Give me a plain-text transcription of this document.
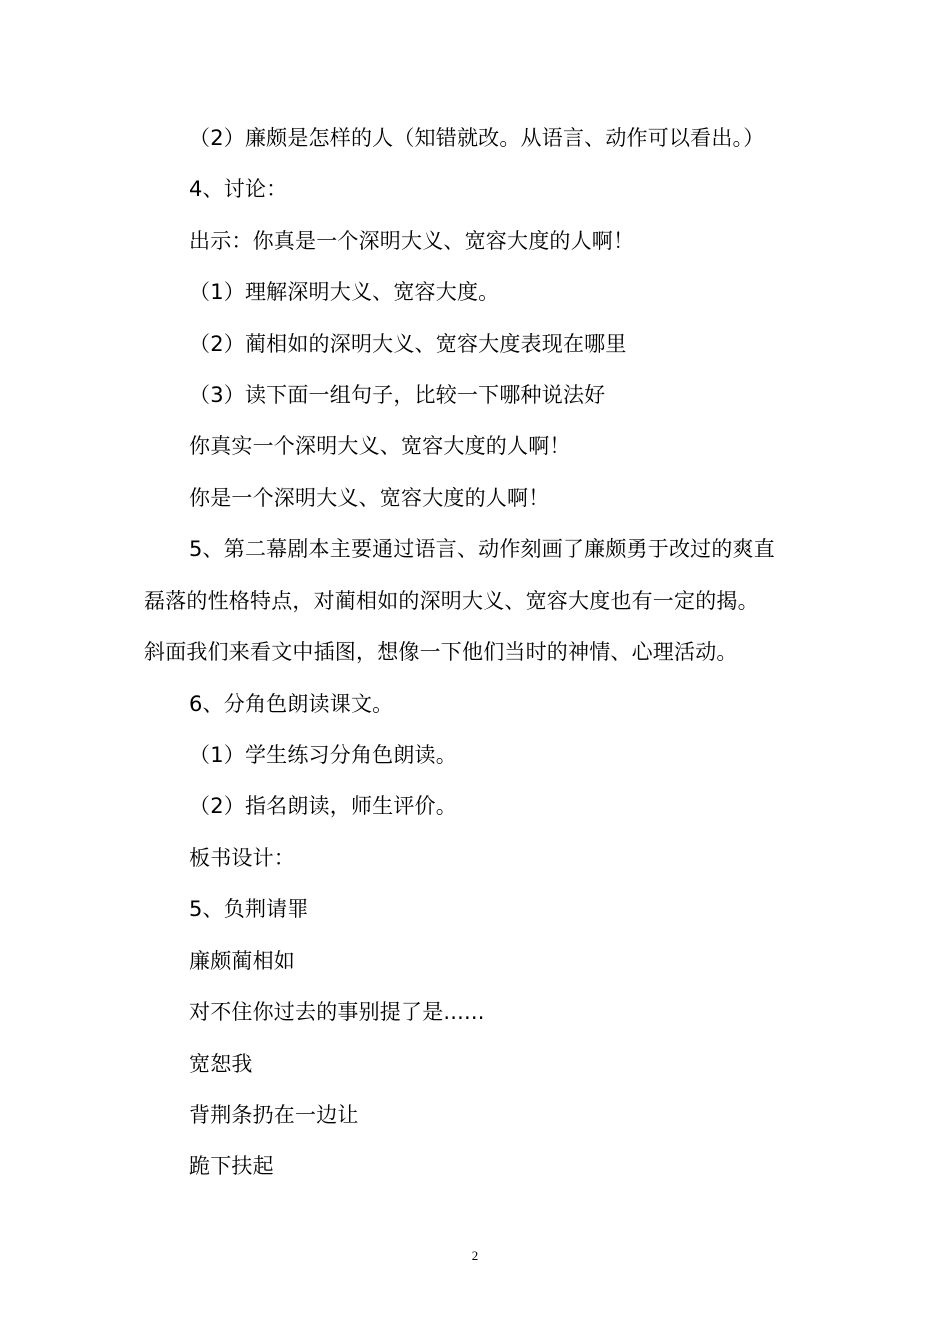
（2）廉颇是怎样的人（知错就改。从语言、动作可以看出。）
4、讨论：
出示：你真是一个深明大义、宽容大度的人啊！
（1）理解深明大义、宽容大度。
（2）蔺相如的深明大义、宽容大度表现在哪里
（3）读下面一组句子，比较一下哪种说法好
你真实一个深明大义、宽容大度的人啊！
你是一个深明大义、宽容大度的人啊！
5、第二幕剧本主要通过语言、动作刻画了廉颇勇于改过的爽直
磊落的性格特点，对蔺相如的深明大义、宽容大度也有一定的揭。
斜面我们来看文中插图，想像一下他们当时的神情、心理活动。
6、分角色朗读课文。
（1）学生练习分角色朗读。
（2）指名朗读，师生评价。
板书设计：
5、负荆请罪
廉颇蔺相如
对不住你过去的事别提了是......
宽恕我
背荆条扔在一边让
跪下扶起
2
